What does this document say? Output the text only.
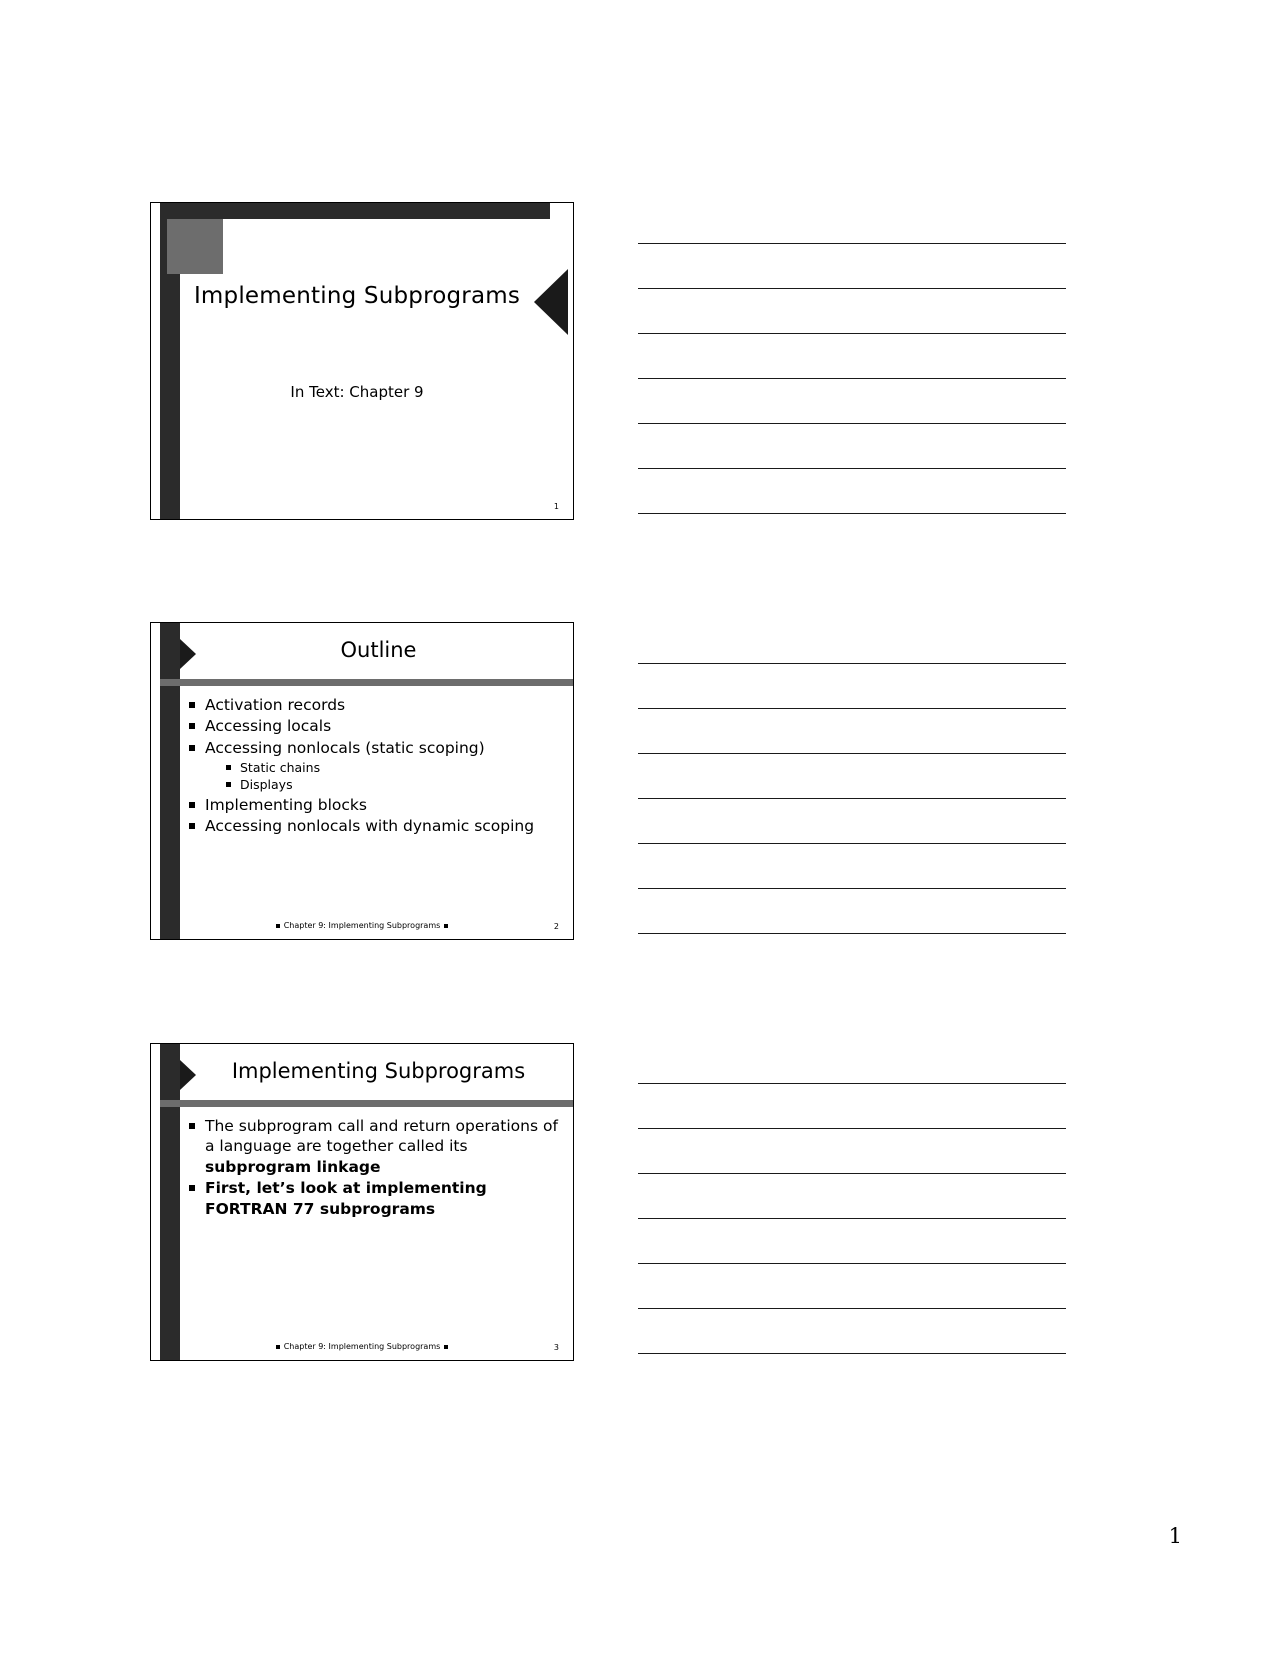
Implementing Subprograms
In Text: Chapter 9
1
Outline
Activation records
Accessing locals
Accessing nonlocals (static scoping)
Static chains
Displays
Implementing blocks
Accessing nonlocals with dynamic scoping
Chapter 9: Implementing Subprograms	2
Implementing Subprograms
The subprogram call and return operations of a language are together called its subprogram linkage
First, let’s look at implementing FORTRAN 77 subprograms
Chapter 9: Implementing Subprograms	3
1
